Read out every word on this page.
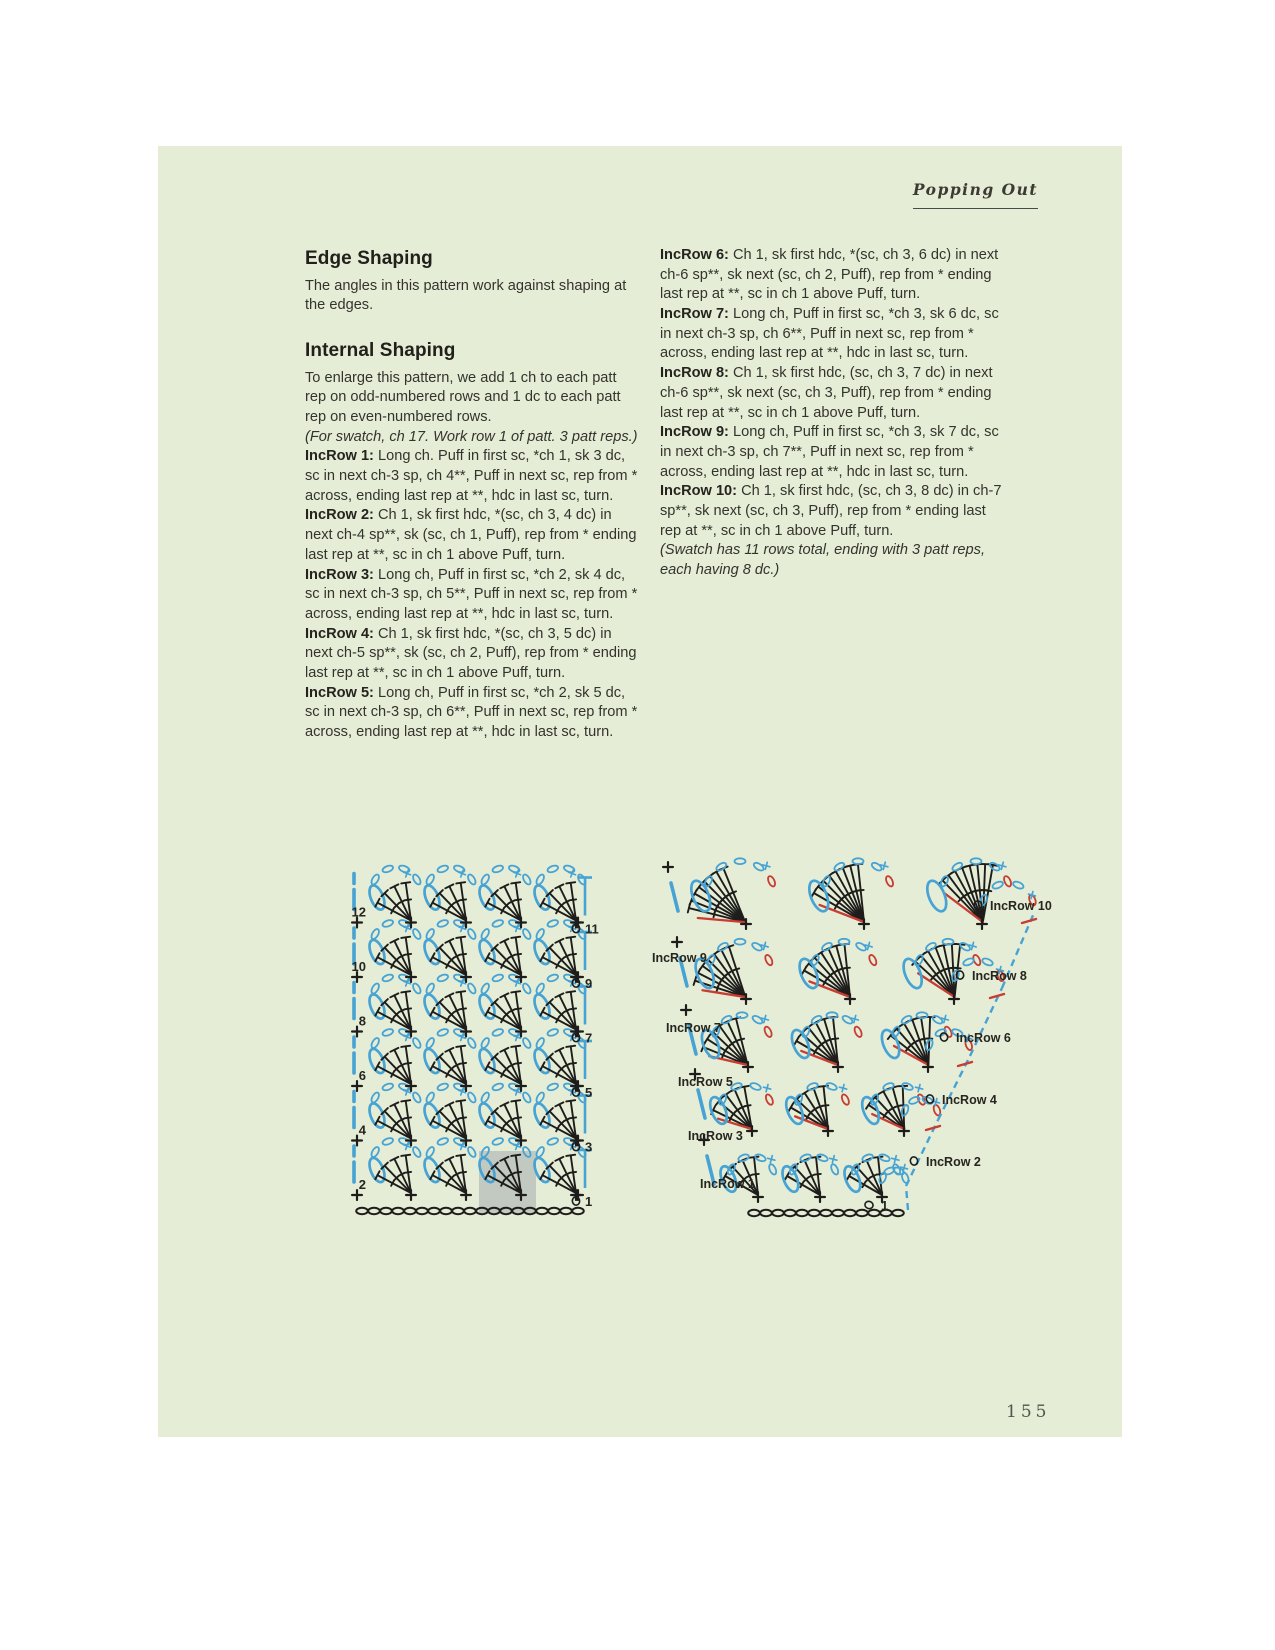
Popping Out
Edge Shaping

The angles in this pattern work against shaping at the edges.

Internal Shaping

To enlarge this pattern, we add 1 ch to each patt rep on odd-numbered rows and 1 dc to each patt rep on even-numbered rows.

(For swatch, ch 17. Work row 1 of patt. 3 patt reps.)

IncRow 1: Long ch. Puff in first sc, *ch 1, sk 3 dc, sc in next ch-3 sp, ch 4**, Puff in next sc, rep from * across, ending last rep at **, hdc in last sc, turn.

IncRow 2: Ch 1, sk first hdc, *(sc, ch 3, 4 dc) in next ch-4 sp**, sk (sc, ch 1, Puff), rep from * ending last rep at **, sc in ch 1 above Puff, turn.

IncRow 3: Long ch, Puff in first sc, *ch 2, sk 4 dc, sc in next ch-3 sp, ch 5**, Puff in next sc, rep from * across, ending last rep at **, hdc in last sc, turn.

IncRow 4: Ch 1, sk first hdc, *(sc, ch 3, 5 dc) in next ch-5 sp**, sk (sc, ch 2, Puff), rep from * ending last rep at **, sc in ch 1 above Puff, turn.

IncRow 5: Long ch, Puff in first sc, *ch 2, sk 5 dc, sc in next ch-3 sp, ch 6**, Puff in next sc, rep from * across, ending last rep at **, hdc in last sc, turn.

IncRow 6: Ch 1, sk first hdc, *(sc, ch 3, 6 dc) in next ch-6 sp**, sk next (sc, ch 2, Puff), rep from * ending last rep at **, sc in ch 1 above Puff, turn.

IncRow 7: Long ch, Puff in first sc, *ch 3, sk 6 dc, sc in next ch-3 sp, ch 6**, Puff in next sc, rep from * across, ending last rep at **, hdc in last sc, turn.

IncRow 8: Ch 1, sk first hdc, (sc, ch 3, 7 dc) in next ch-6 sp**, sk next (sc, ch 3, Puff), rep from * ending last rep at **, sc in ch 1 above Puff, turn.

IncRow 9: Long ch, Puff in first sc, *ch 3, sk 7 dc, sc in next ch-3 sp, ch 7**, Puff in next sc, rep from * across, ending last rep at **, hdc in last sc, turn.

IncRow 10: Ch 1, sk first hdc, (sc, ch 3, 8 dc) in ch-7 sp**, sk next (sc, ch 3, Puff), rep from * ending last rep at **, sc in ch 1 above Puff, turn.

(Swatch has 11 rows total, ending with 3 patt reps, each having 8 dc.)

2
1
4
3
6
5
8
7
10
9
12
11
IncRow 9
IncRow 7
IncRow 5
IncRow 3
IncRow 1
IncRow 10
IncRow 8
IncRow 6
IncRow 4
IncRow 2
1
155
